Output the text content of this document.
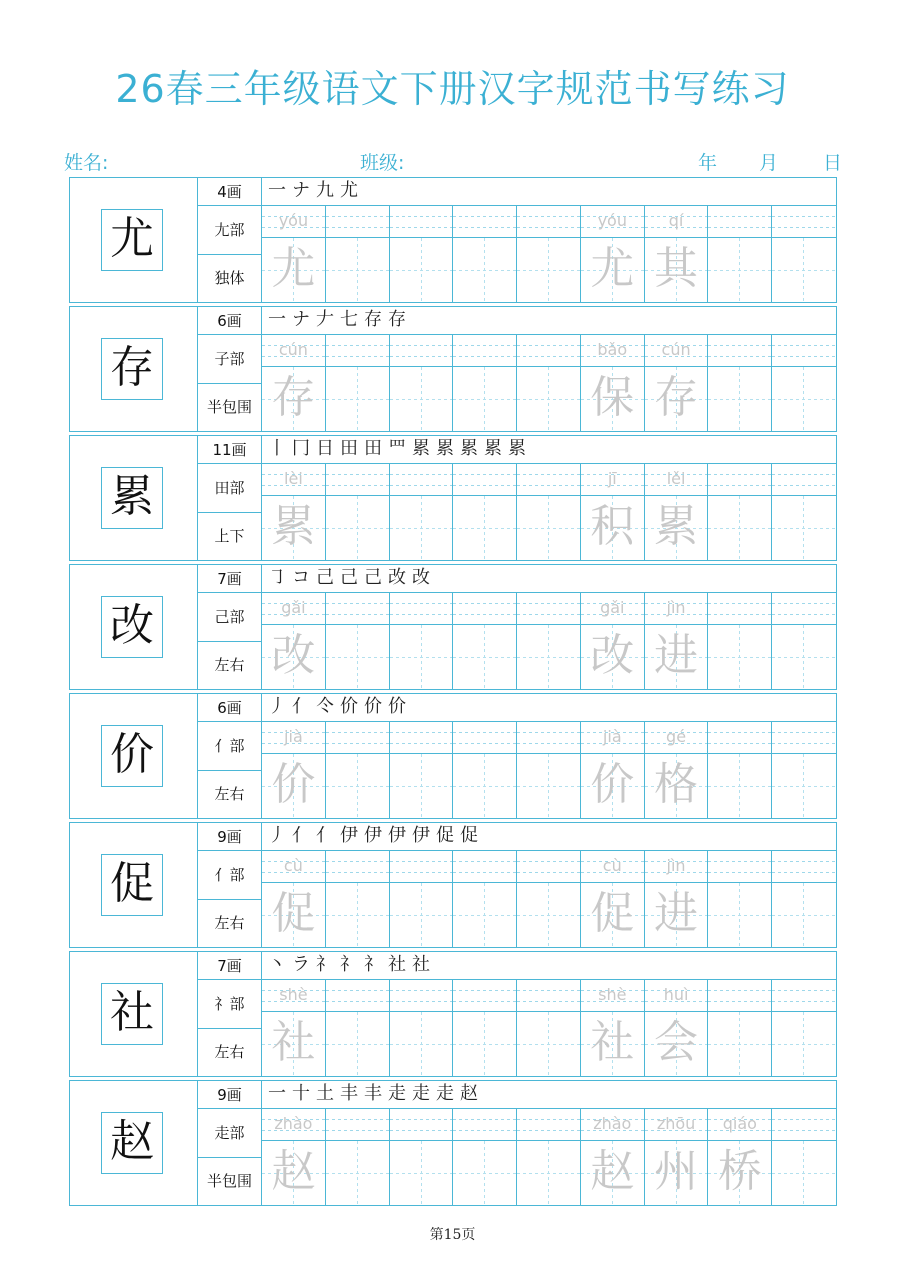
26春三年级语文下册汉字规范书写练习
姓名:	班级:	年 月 日
尤
4画
尢部
独体
一 ナ 九 尤
yóu
尤
yóu
尤
qí
其
存
6画
子部
半包围
一 ナ 𠂇 七 存 存
cún
存
bǎo
保
cún
存
累
11画
田部
上下
丨 冂 日 田 田 罒 累 累 累 累 累
lèi
累
jī
积
lěi
累
改
7画
己部
左右
㇆ コ 己 己 己 改 改
gǎi
改
gǎi
改
jìn
进
价
6画
亻部
左右
丿 亻 仒 价 价 价
jià
价
jià
价
gé
格
促
9画
亻部
左右
丿 亻 亻 伊 伊 伊 伊 促 促
cù
促
cù
促
jìn
进
社
7画
礻部
左右
丶 ラ 礻 礻 礻 社 社
shè
社
shè
社
huì
会
赵
9画
走部
半包围
一 十 土 丰 丰 走 走 走 赵
zhào
赵
zhào
赵
zhōu
州
qiáo
桥
第15页
